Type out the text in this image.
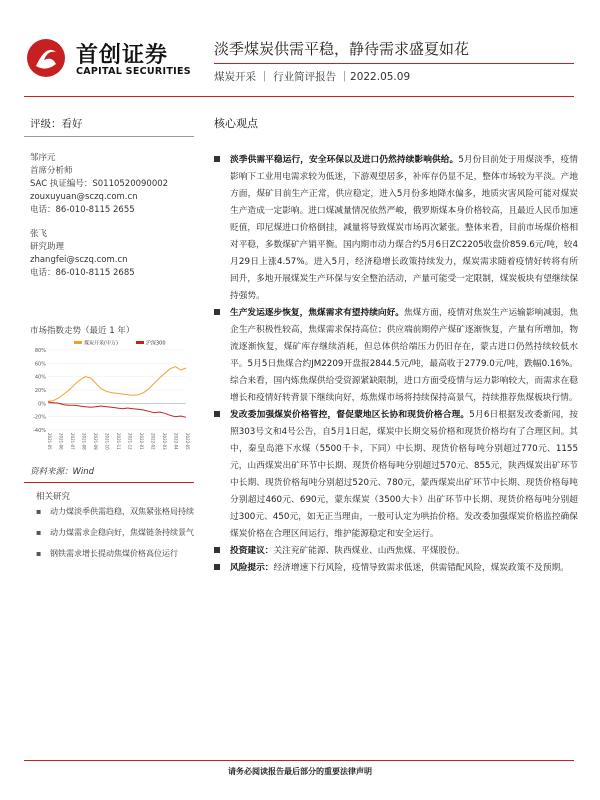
首创证券
CAPITAL SECURITIES
淡季煤炭供需平稳，静待需求盛夏如花
煤炭开采 ｜ 行业简评报告 ｜2022.05.09
评级：看好
邹序元
首席分析师
SAC 执证编号：S0110520090002
zouxuyuan@sczq.com.cn
电话：86-010-8115 2655
张飞
研究助理
zhangfei@sczq.com.cn
电话：86-010-8115 2685
市场指数走势（最近 1 年）
80%
60%
40%
20%
0%
-20%
-40%
2021-05 2021-06 2021-07 2021-08 2021-09 2021-10 2021-11 2021-12 2022-01 2022-02 2022-03 2022-04 2022-05
煤炭开采(申万)	沪深300
资料来源：Wind
相关研究
▪ 动力煤淡季供需趋稳，双焦紧张格局持续
▪ 动力煤需求企稳向好，焦煤链条持续景气
▪ 钢铁需求增长提动焦煤价格高位运行
核心观点
淡季供需平稳运行，安全环保以及进口仍然持续影响供给。5月份目前处于用煤淡季，疫情影响下工业用电需求较为低迷，下游观望居多，补库存仍显不足，整体市场较为平淡。产地方面，煤矿目前生产正常，供应稳定，进入5月份多地降水偏多，地质灾害风险可能对煤炭生产造成一定影响。进口煤减量情况依然严峻，俄罗斯煤本身价格较高，且最近人民币加速贬值，印尼煤进口价格倒挂，减量将导致煤炭市场再次紧张。整体来看，目前市场煤价格相对平稳，多数煤矿产销平衡。国内期市动力煤合约5月6日ZC2205收盘价859.6元/吨，较4月29日上涨4.57%。进入5月，经济稳增长政策持续发力，煤炭需求随着疫情好转将有所回升，多地开展煤炭生产环保与安全整治活动，产量可能受一定限制，煤炭板块有望继续保持强势。
生产发运逐步恢复，焦煤需求有望持续向好。焦煤方面，疫情对焦炭生产运输影响减弱，焦企生产积极性较高，焦煤需求保持高位；供应端前期停产煤矿逐渐恢复，产量有所增加，物流逐渐恢复，煤矿库存继续消耗，但总体供给端压力仍旧存在，蒙古进口仍然持续较低水平。5月5日焦煤合约JM2209开盘报2844.5元/吨，最高收于2779.0元/吨，跌幅0.16%。综合来看，国内炼焦煤供给受资源紧缺限制，进口方面受疫情与运力影响较大，而需求在稳增长和疫情好转背景下继续向好，炼焦煤市场将持续保持高景气，持续推荐焦煤板块行情。
发改委加强煤炭价格管控，督促蒙地区长协和现货价格合理。5月6日根据发改委新闻，按照303号文和4号公告，自5月1日起，煤炭中长期交易价格和现货价格均有了合理区间。其中，秦皇岛港下水煤（5500千卡，下同）中长期、现货价格每吨分别超过770元、1155元，山西煤炭出矿环节中长期、现货价格每吨分别超过570元、855元，陕西煤炭出矿环节中长期、现货价格每吨分别超过520元、780元，蒙西煤炭出矿环节中长期、现货价格每吨分别超过460元、690元，蒙东煤炭（3500大卡）出矿环节中长期、现货价格每吨分别超过300元、450元，如无正当理由，一般可认定为哄抬价格。发改委加强煤炭价格监控确保煤炭价格在合理区间运行，维护能源稳定和安全运行。
投资建议：关注兖矿能源、陕西煤业、山西焦煤、平煤股份。
风险提示：经济增速下行风险，疫情导致需求低迷，供需错配风险，煤炭政策不及预期。
请务必阅读报告最后部分的重要法律声明
